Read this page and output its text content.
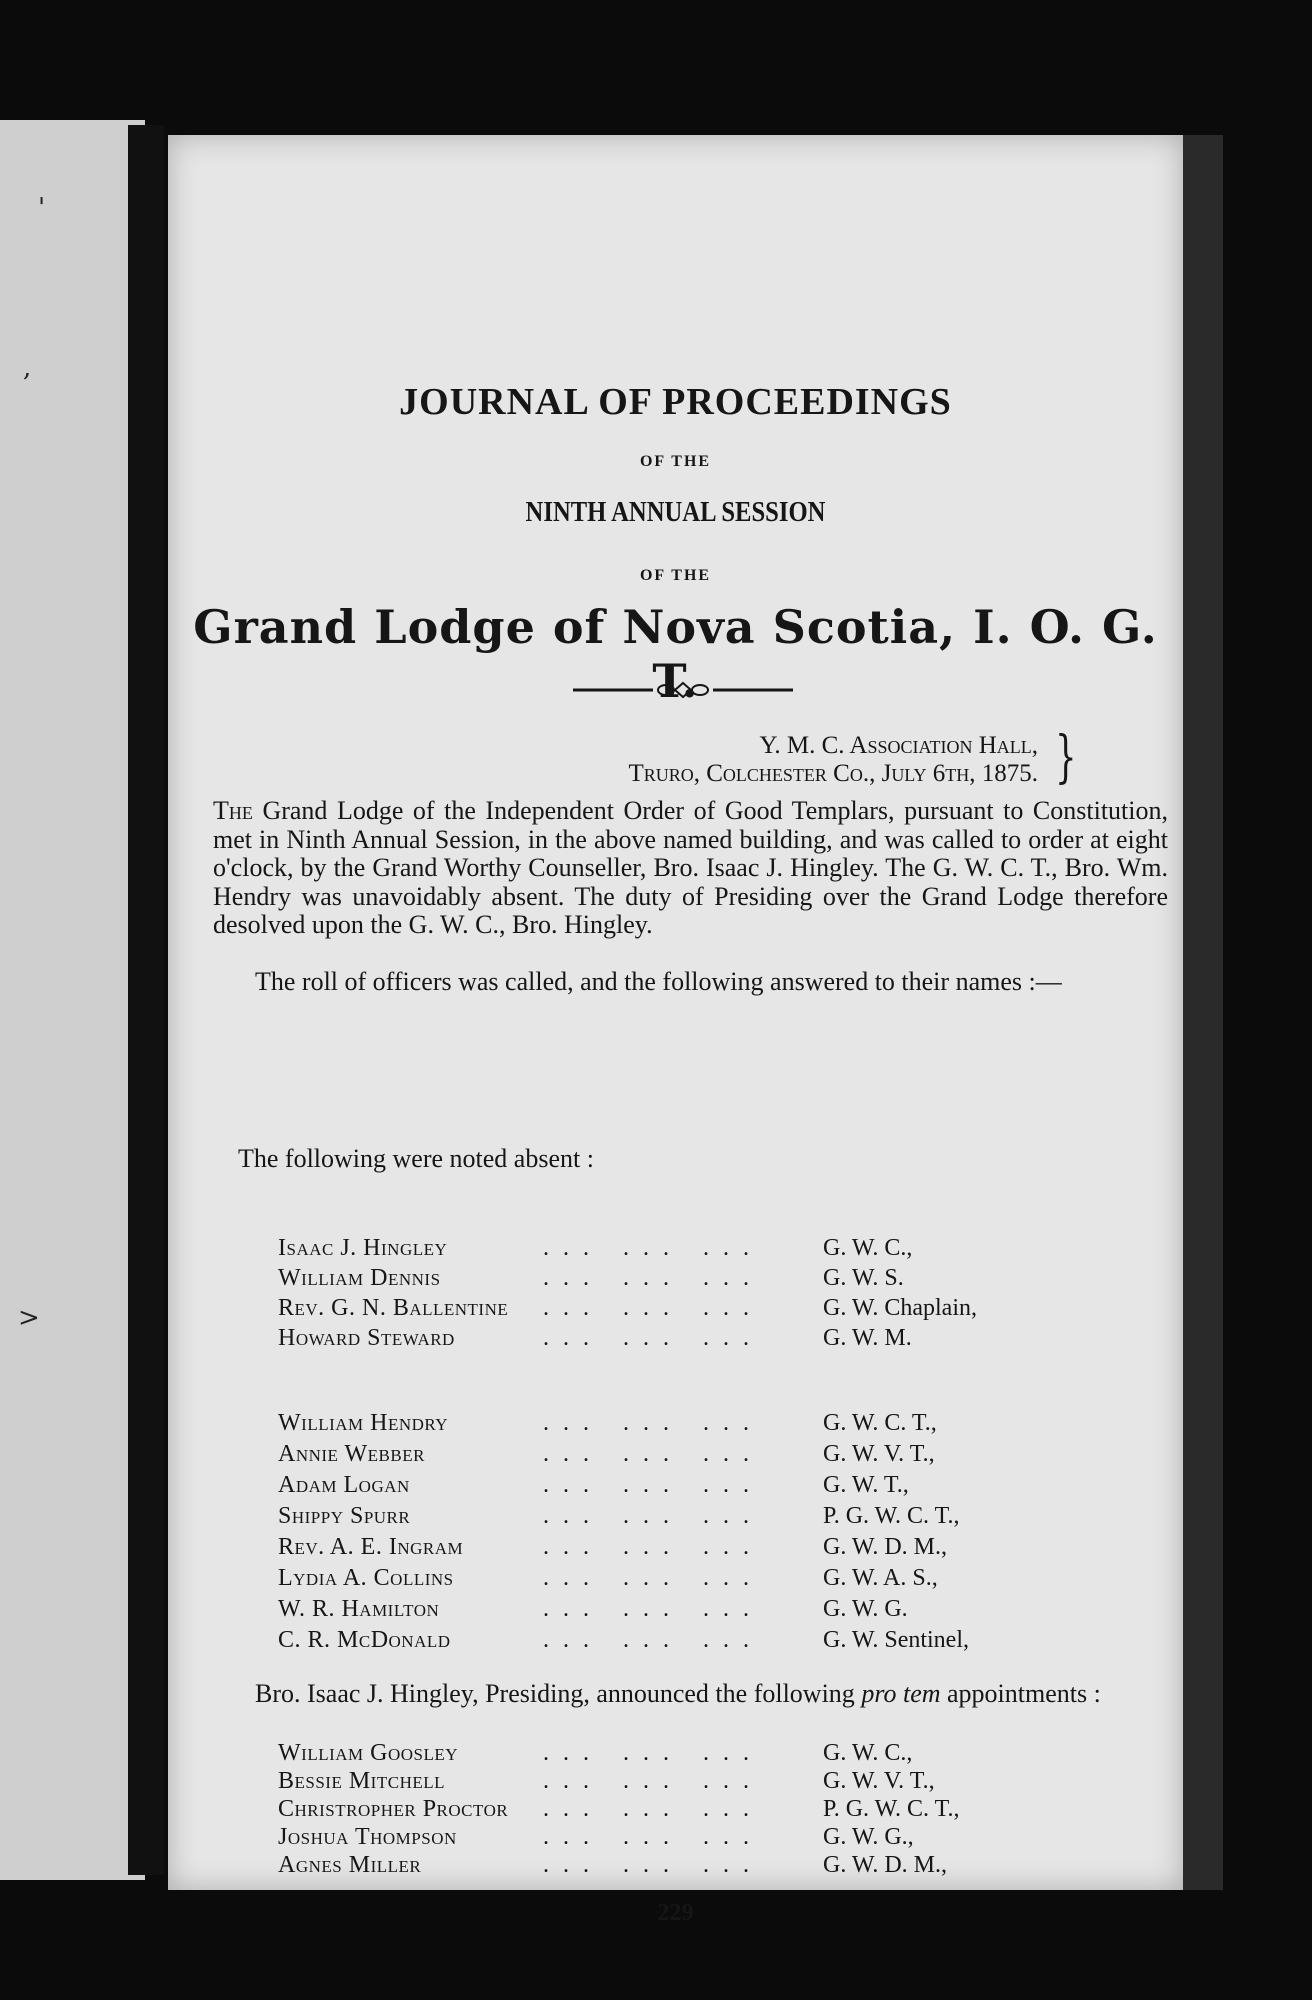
'
,
>
JOURNAL OF PROCEEDINGS
OF THE
NINTH ANNUAL SESSION
OF THE
Grand Lodge of Nova Scotia, I. O. G. T.
Y. M. C. Association Hall,
Truro, Colchester Co., July 6th, 1875. }
The Grand Lodge of the Independent Order of Good Templars, pursuant to Constitution, met in Ninth Annual Session, in the above named building, and was called to order at eight o'clock, by the Grand Worthy Counseller, Bro. Isaac J. Hingley. The G. W. C. T., Bro. Wm. Hendry was unavoidably absent. The duty of Presiding over the Grand Lodge therefore desolved upon the G. W. C., Bro. Hingley.
The roll of officers was called, and the following answered to their names :—
Isaac J. Hingley	... ... ...	G. W. C.,
William Dennis	... ... ...	G. W. S.
Rev. G. N. Ballentine ... ... ...	G. W. Chaplain,
Howard Steward	... ... ...	G. W. M.
The following were noted absent :
William Hendry	... ... ...	G. W. C. T.,
Annie Webber	... ... ...	G. W. V. T.,
Adam Logan	... ... ...	G. W. T.,
Shippy Spurr	... ... ...	P. G. W. C. T.,
Rev. A. E. Ingram	... ... ...	G. W. D. M.,
Lydia A. Collins	... ... ...	G. W. A. S.,
W. R. Hamilton	... ... ...	G. W. G.
C. R. McDonald	... ... ...	G. W. Sentinel,
Bro. Isaac J. Hingley, Presiding, announced the following pro tem appointments :
William Goosley	... ... ...	G. W. C.,
Bessie Mitchell	... ... ...	G. W. V. T.,
Christropher Proctor ... ... ...	P. G. W. C. T.,
Joshua Thompson	... ... ...	G. W. G.,
Agnes Miller	... ... ...	G. W. D. M.,
229
